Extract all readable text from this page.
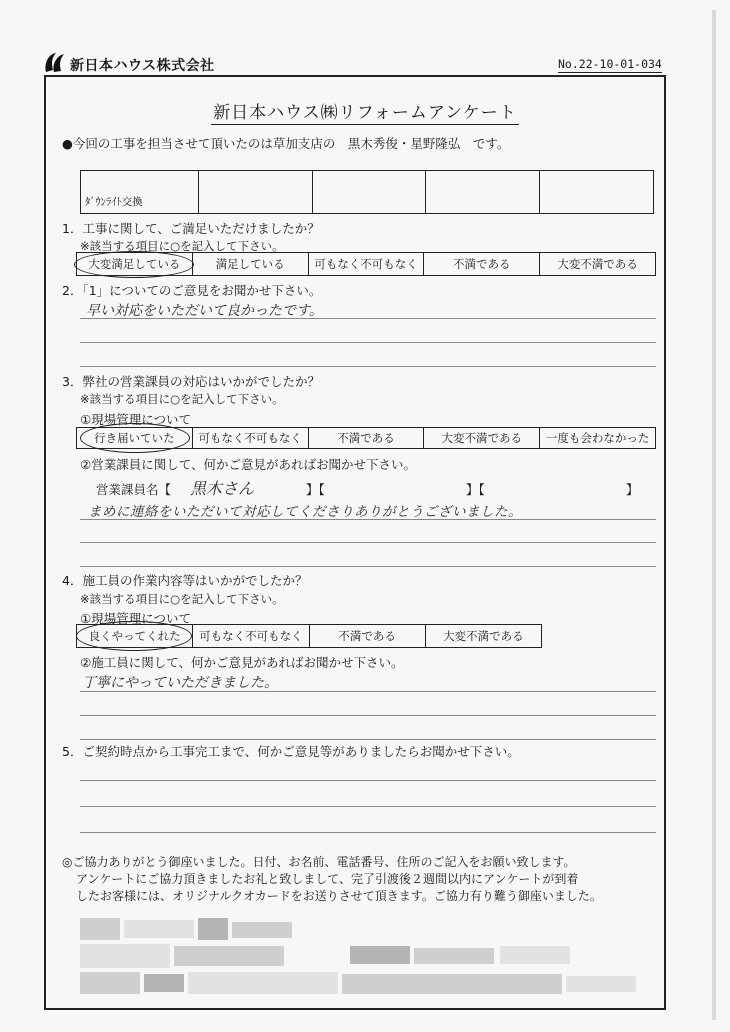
新日本ハウス株式会社	No.22-10-01-034
新日本ハウス㈱リフォームアンケート
●今回の工事を担当させて頂いたのは草加支店の　黒木秀俊・星野隆弘　です。
ﾀﾞｳﾝﾗｲﾄ交換
1．工事に関して、ご満足いただけましたか？
※該当する項目に○を記入して下さい。
大変満足している	満足している	可もなく不可もなく	不満である	大変不満である
2．「1」についてのご意見をお聞かせ下さい。
早い対応をいただいて良かったです。
3．弊社の営業課員の対応はいかがでしたか？
※該当する項目に○を記入して下さい。
①現場管理について
行き届いていた 可もなく不可もなく	不満である	大変不満である 一度も会わなかった
②営業課員に関して、何かご意見があればお聞かせ下さい。
営業課員名【 黒木さん	】【	】【	】
まめに連絡をいただいて対応してくださりありがとうございました。
4．施工員の作業内容等はいかがでしたか？
※該当する項目に○を記入して下さい。
①現場管理について
良くやってくれた 可もなく不可もなく	不満である	大変不満である
②施工員に関して、何かご意見があればお聞かせ下さい。
丁寧にやっていただきました。
5．ご契約時点から工事完工まで、何かご意見等がありましたらお聞かせ下さい。
◎ご協力ありがとう御座いました。日付、お名前、電話番号、住所のご記入をお願い致します。
アンケートにご協力頂きましたお礼と致しまして、完了引渡後２週間以内にアンケートが到着
したお客様には、オリジナルクオカードをお送りさせて頂きます。ご協力有り難う御座いました。
